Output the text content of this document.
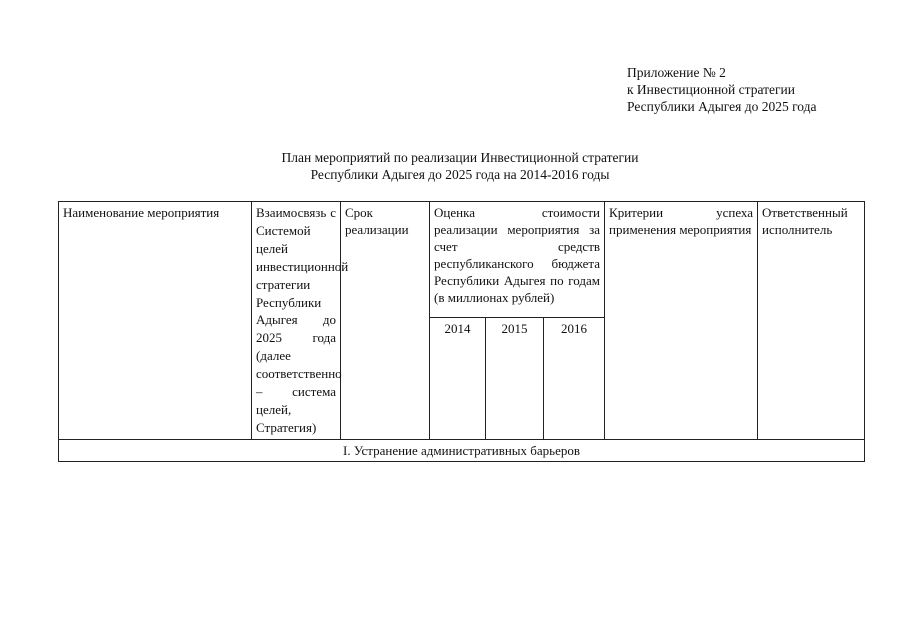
Приложение № 2
к Инвестиционной стратегии
Республики Адыгея до 2025 года
План мероприятий по реализации Инвестиционной стратегии
Республики Адыгея до 2025 года на 2014-2016 годы
Наименование мероприятия	Взаимосвязь с Системой целей инвестиционной стратегии Республики Адыгея до 2025 года (далее соответственно – система целей, Стратегия)	Срок реализации	Оценка стоимости реализации мероприятия за счет средств республиканского бюджета Республики Адыгея по годам (в миллионах рублей)			Критерии успеха применения мероприятия	Ответственный исполнитель
			2014	2015	2016		
I. Устранение административных барьеров							
